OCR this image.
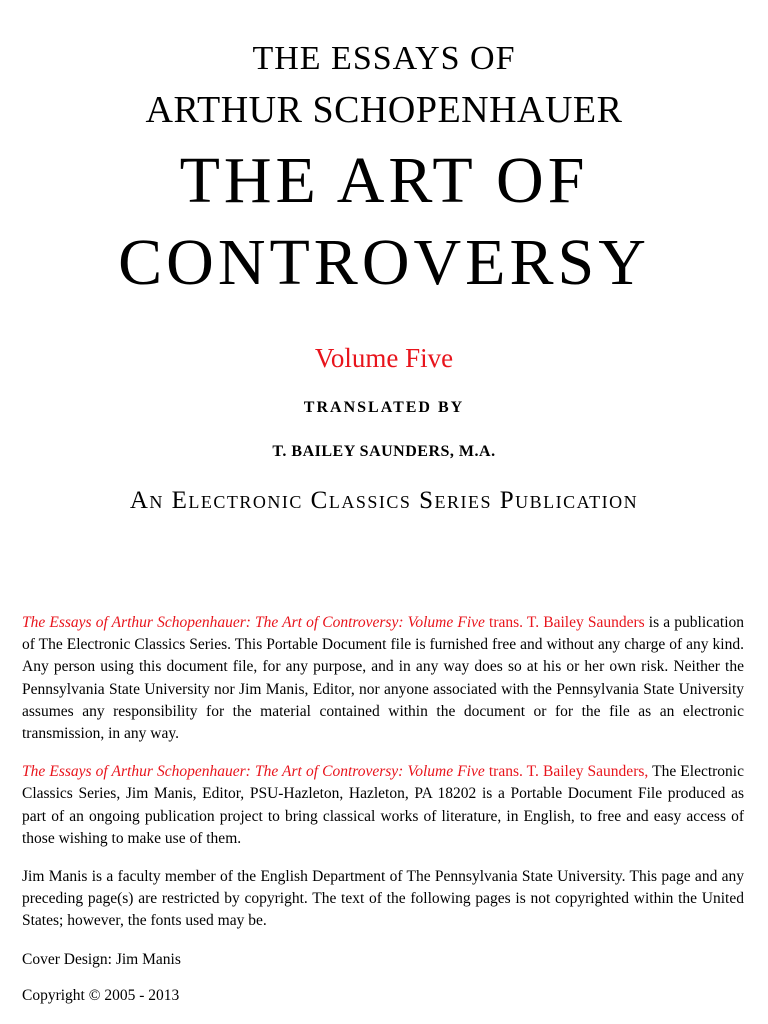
THE ESSAYS OF
ARTHUR SCHOPENHAUER
THE ART OF
CONTROVERSY
Volume Five
TRANSLATED BY
T. BAILEY SAUNDERS, M.A.
An Electronic Classics Series Publication

The Essays of Arthur Schopenhauer: The Art of Controversy: Volume Five trans. T. Bailey Saunders is a publication of The Electronic Classics Series. This Portable Document file is furnished free and without any charge of any kind. Any person using this document file, for any purpose, and in any way does so at his or her own risk. Neither the Pennsylvania State University nor Jim Manis, Editor, nor anyone associated with the Pennsylvania State University assumes any responsibility for the material contained within the document or for the file as an electronic transmission, in any way.

The Essays of Arthur Schopenhauer: The Art of Controversy: Volume Five trans. T. Bailey Saunders, The Electronic Classics Series, Jim Manis, Editor, PSU-Hazleton, Hazleton, PA 18202 is a Portable Document File produced as part of an ongoing publication project to bring classical works of literature, in English, to free and easy access of those wishing to make use of them.

Jim Manis is a faculty member of the English Department of The Pennsylvania State University. This page and any preceding page(s) are restricted by copyright. The text of the following pages is not copyrighted within the United States; however, the fonts used may be.

Cover Design: Jim Manis

Copyright © 2005 - 2013
